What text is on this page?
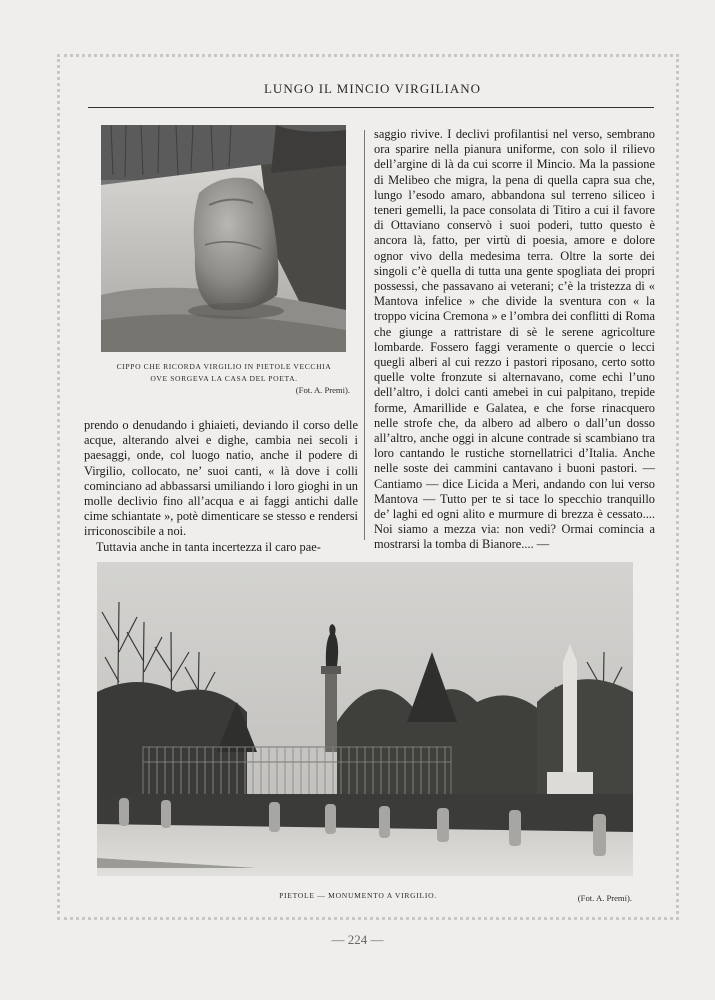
LUNGO IL MINCIO VIRGILIANO
CIPPO CHE RICORDA VIRGILIO IN PIETOLE VECCHIA
OVE SORGEVA LA CASA DEL POETA.
(Fot. A. Premi).

prendo o denudando i ghiaieti, deviando il corso delle acque, alterando alvei e dighe, cambia nei secoli i paesaggi, onde, col luogo natio, anche il podere di Virgilio, collocato, ne’ suoi canti, « là dove i colli cominciano ad abbassarsi umiliando i loro gioghi in un molle declivio fino all’acqua e ai faggi antichi dalle cime schiantate », potè dimenticare se stesso e rendersi irriconoscibile a noi.

Tuttavia anche in tanta incertezza il caro pae-

saggio rivive. I declivi profilantisi nel verso, sembrano ora sparire nella pianura uniforme, con solo il rilievo dell’argine di là da cui scorre il Mincio. Ma la passione di Melibeo che migra, la pena di quella capra sua che, lungo l’esodo amaro, abbandona sul terreno siliceo i teneri gemelli, la pace consolata di Titiro a cui il favore di Ottaviano conservò i suoi poderi, tutto questo è ancora là, fatto, per virtù di poesia, amore e dolore ognor vivo della medesima terra. Oltre la sorte dei singoli c’è quella di tutta una gente spogliata dei propri possessi, che passavano ai veterani; c’è la tristezza di « Mantova infelice » che divide la sventura con « la troppo vicina Cremona » e l’ombra dei conflitti di Roma che giunge a rattristare di sè le serene agricolture lombarde. Fossero faggi veramente o quercie o lecci quegli alberi al cui rezzo i pastori riposano, certo sotto quelle volte fronzute si alternavano, come echi l’uno dell’altro, i dolci canti amebei in cui palpitano, trepide forme, Amarillide e Galatea, e che forse rinacquero nelle strofe che, da albero ad albero o dall’un dosso all’altro, anche oggi in alcune contrade si scambiano tra loro cantando le rustiche stornellatrici d’Italia. Anche nelle soste dei cammini cantavano i buoni pastori. — Cantiamo — dice Licida a Meri, andando con lui verso Mantova — Tutto per te si tace lo specchio tranquillo de’ laghi ed ogni alito e murmure di brezza è cessato.... Noi siamo a mezza via: non vedi? Ormai comincia a mostrarsi la tomba di Bianore.... —

PIETOLE — MONUMENTO A VIRGILIO.	(Fot. A. Premi).
— 224 —
